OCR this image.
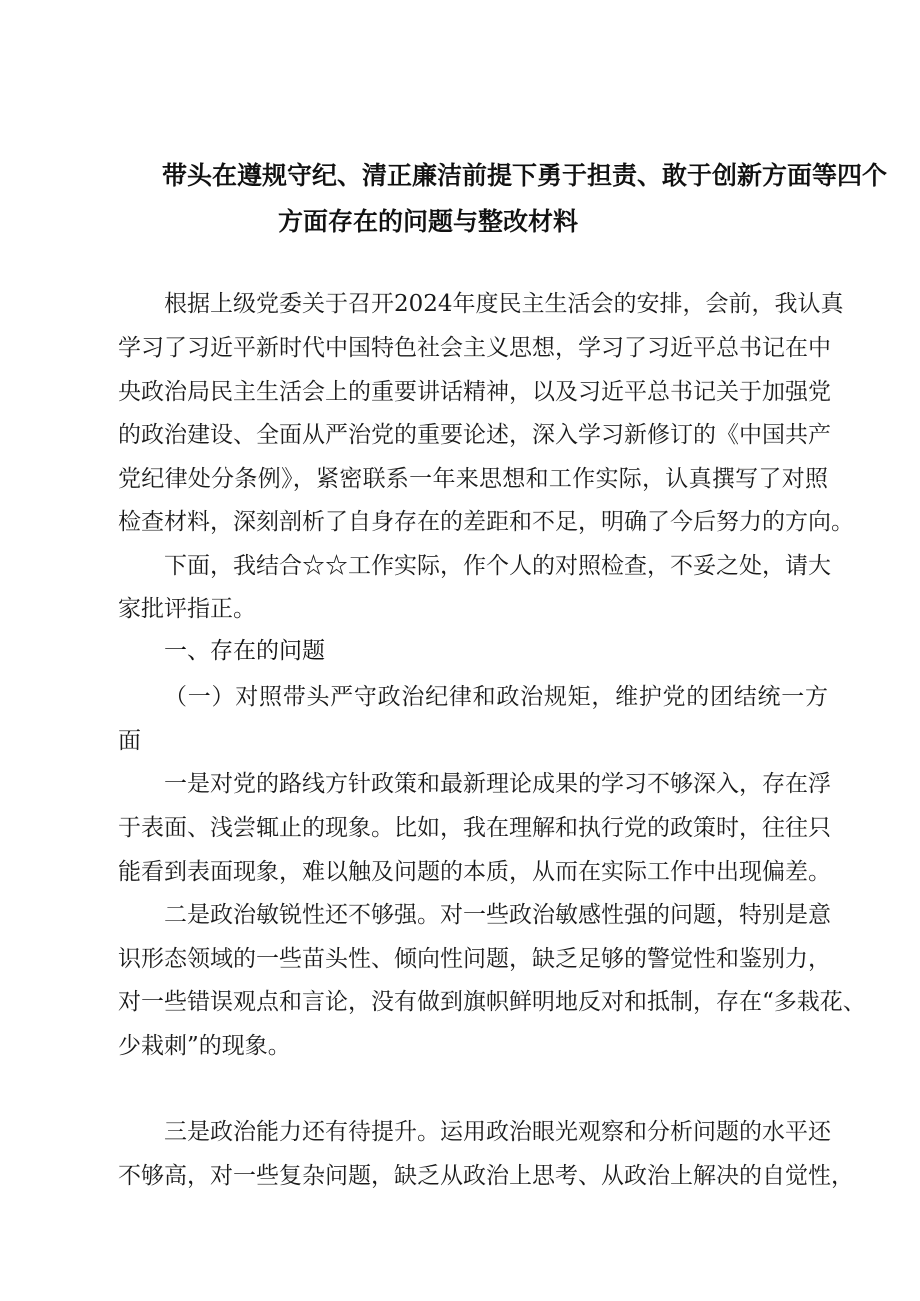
带头在遵规守纪、清正廉洁前提下勇于担责、敢于创新方面等四个
方面存在的问题与整改材料
根据上级党委关于召开2024年度民主生活会的安排，会前，我认真
学习了习近平新时代中国特色社会主义思想，学习了习近平总书记在中
央政治局民主生活会上的重要讲话精神，以及习近平总书记关于加强党
的政治建设、全面从严治党的重要论述，深入学习新修订的《中国共产
党纪律处分条例》，紧密联系一年来思想和工作实际，认真撰写了对照
检查材料，深刻剖析了自身存在的差距和不足，明确了今后努力的方向。
下面，我结合☆☆工作实际，作个人的对照检查，不妥之处，请大
家批评指正。
一、存在的问题
（一）对照带头严守政治纪律和政治规矩，维护党的团结统一方
面
一是对党的路线方针政策和最新理论成果的学习不够深入，存在浮
于表面、浅尝辄止的现象。比如，我在理解和执行党的政策时，往往只
能看到表面现象，难以触及问题的本质，从而在实际工作中出现偏差。
二是政治敏锐性还不够强。对一些政治敏感性强的问题，特别是意
识形态领域的一些苗头性、倾向性问题，缺乏足够的警觉性和鉴别力，
对一些错误观点和言论，没有做到旗帜鲜明地反对和抵制，存在“多栽花、
少栽刺”的现象。
三是政治能力还有待提升。运用政治眼光观察和分析问题的水平还
不够高，对一些复杂问题，缺乏从政治上思考、从政治上解决的自觉性，
